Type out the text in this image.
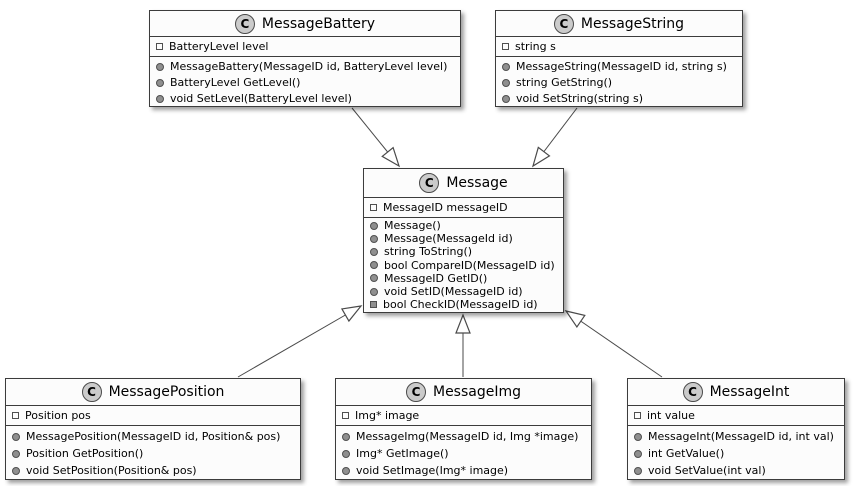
C MessageBattery
BatteryLevel level
MessageBattery(MessageID id, BatteryLevel level)
BatteryLevel GetLevel()
void SetLevel(BatteryLevel level)
C MessageString
string s
MessageString(MessageID id, string s)
string GetString()
void SetString(string s)
C Message
MessageID messageID
Message()
Message(MessageId id)
string ToString()
bool CompareID(MessageID id)
MessageID GetID()
void SetID(MessageID id)
bool CheckID(MessageID id)
C MessagePosition
Position pos
MessagePosition(MessageID id, Position& pos)
Position GetPosition()
void SetPosition(Position& pos)
C MessageImg
Img* image
MessageImg(MessageID id, Img *image)
Img* GetImage()
void SetImage(Img* image)
C MessageInt
int value
MessageInt(MessageID id, int val)
int GetValue()
void SetValue(int val)
